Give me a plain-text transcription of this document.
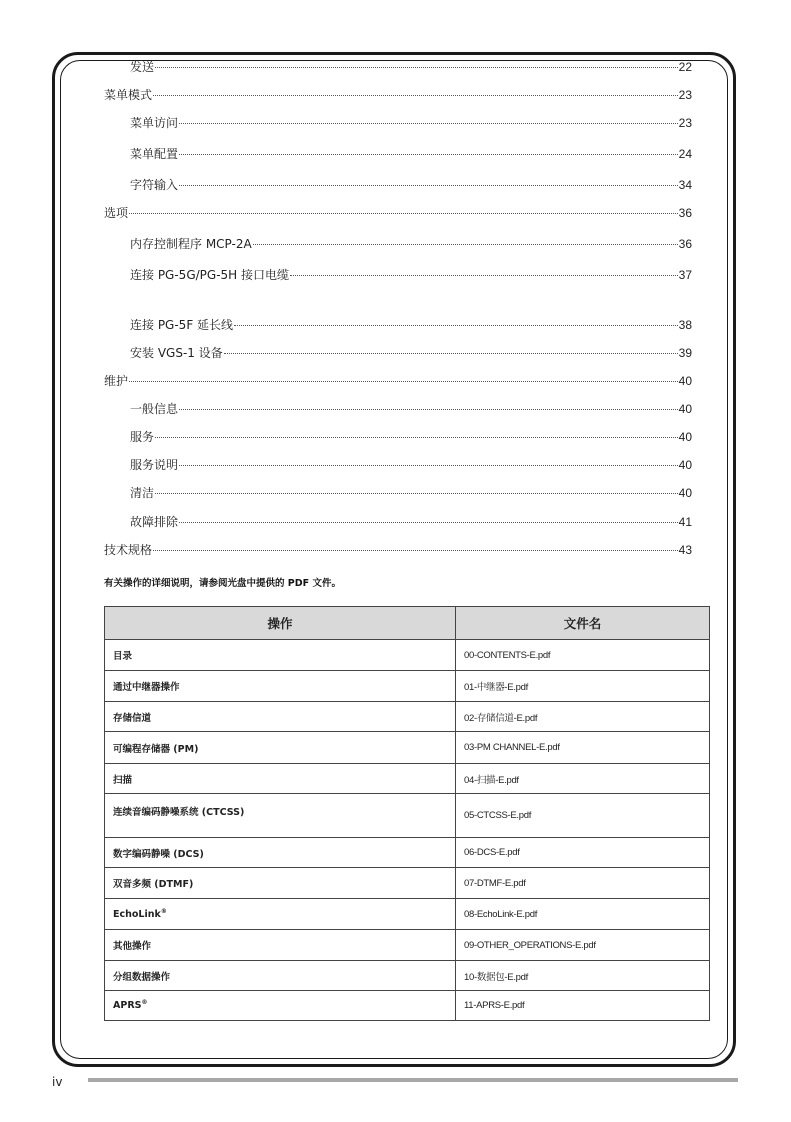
发送	22
菜单模式	23
菜单访问	23
菜单配置	24
字符输入	34
选项	36
内存控制程序 MCP-2A	36
连接 PG-5G/PG-5H 接口电缆	37
连接 PG-5F 延长线	38
安装 VGS-1 设备	39
维护	40
一般信息	40
服务	40
服务说明	40
清洁	40
故障排除	41
技术规格	43
有关操作的详细说明，请参阅光盘中提供的 PDF 文件。
操作	文件名
目录	00-CONTENTS-E.pdf
通过中继器操作	01-中继器-E.pdf
存储信道	02-存储信道-E.pdf
可编程存储器 (PM)	03-PM CHANNEL-E.pdf
扫描	04-扫描-E.pdf
连续音编码静噪系统 (CTCSS)	05-CTCSS-E.pdf
数字编码静噪 (DCS)	06-DCS-E.pdf
双音多频 (DTMF)	07-DTMF-E.pdf
EchoLink®	08-EchoLink-E.pdf
其他操作	09-OTHER_OPERATIONS-E.pdf
分组数据操作	10-数据包-E.pdf
APRS®	11-APRS-E.pdf
iv
